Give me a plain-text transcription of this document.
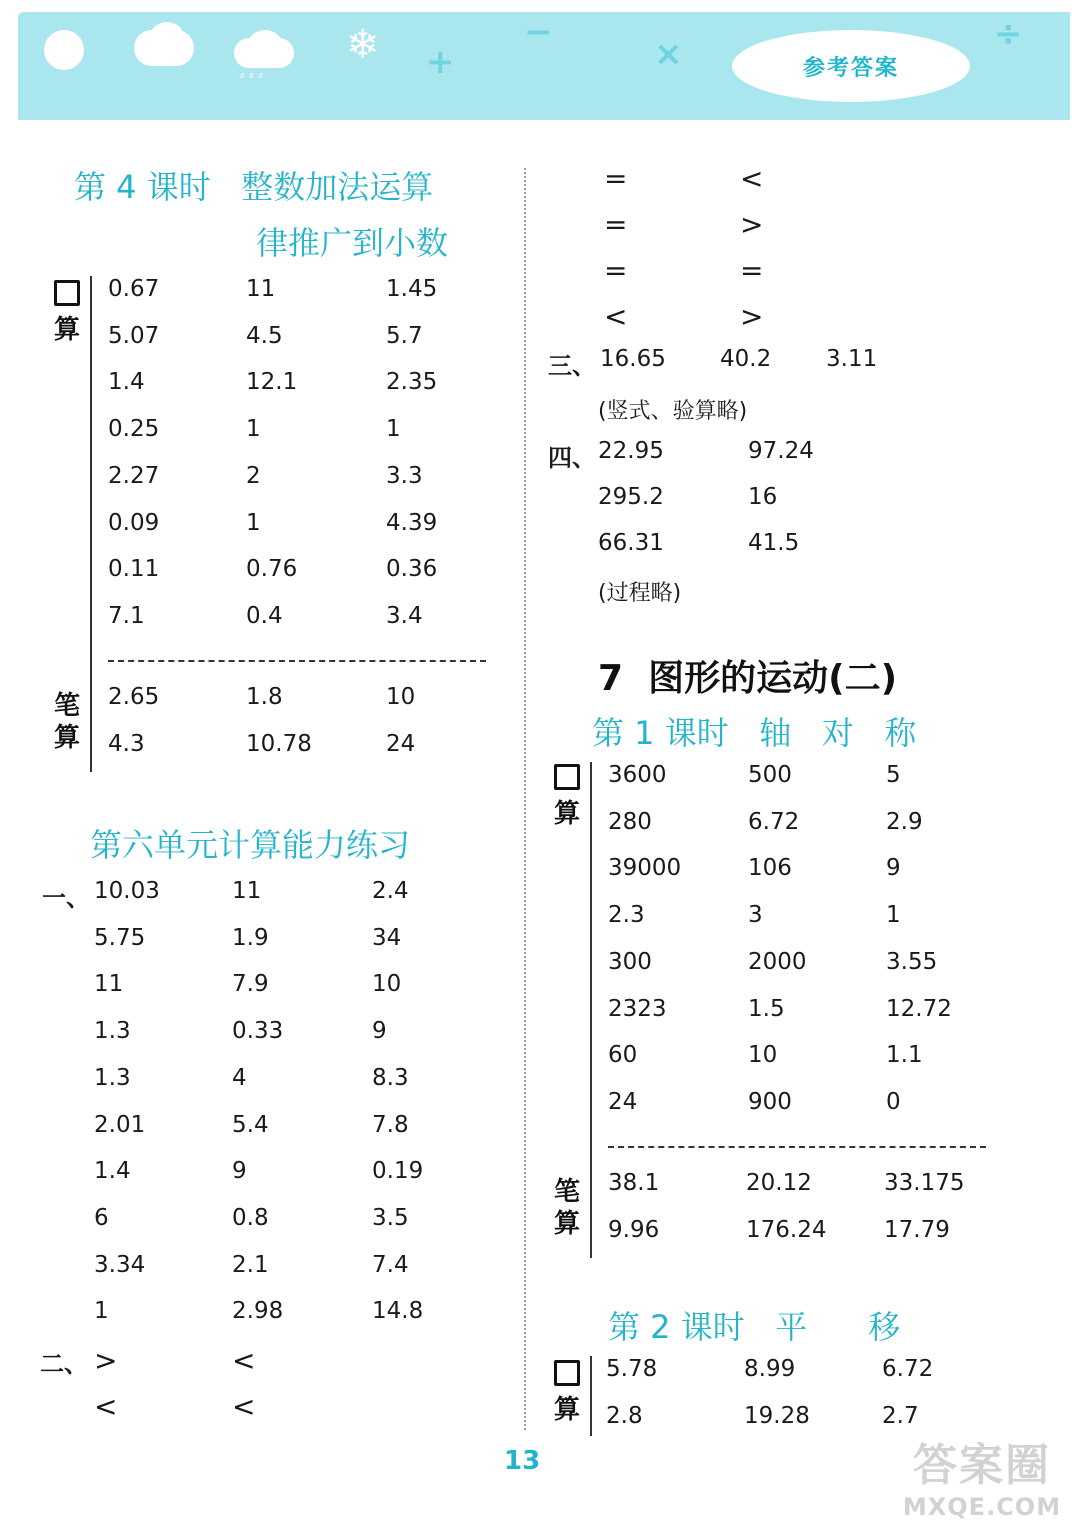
⸗ ⸗ ⸗
❄ +
−
×	÷
参考答案
第 4 课时   整数加法运算
律推广到小数

算
0.67	11	1.45
5.07	4.5	5.7
1.4	12.1	2.35
0.25	1	1
2.27	2	3.3
0.09	1	4.39
0.11	0.76	0.36
7.1	0.4	3.4
笔
算
2.65	1.8	10
4.3	10.78	24
第六单元计算能力练习
一、 10.03	11	2.4
5.75	1.9	34
11	7.9	10
1.3	0.33	9
1.3	4	8.3
2.01	5.4	7.8
1.4	9	0.19
6	0.8	3.5
3.34	2.1	7.4
1	2.98	14.8
二、 >	<
<	<
=	<
=	>
=	=
<	>
三、 16.65 40.2 3.11
(竖式、验算略)
四、 22.95	97.24
295.2	16
66.31	41.5
(过程略)
7  图形的运动(二)
第 1 课时   轴   对   称

算
3600	500	5
280	6.72	2.9
39000	106	9
2.3	3	1
300	2000	3.55
2323	1.5	12.72
60	10	1.1
24	900	0
笔
算
38.1	20.12	33.175
9.96	176.24	17.79
第 2 课时   平      移

算
5.78	8.99	6.72
2.8	19.28	2.7
13	答案圈
MXQE.COM
